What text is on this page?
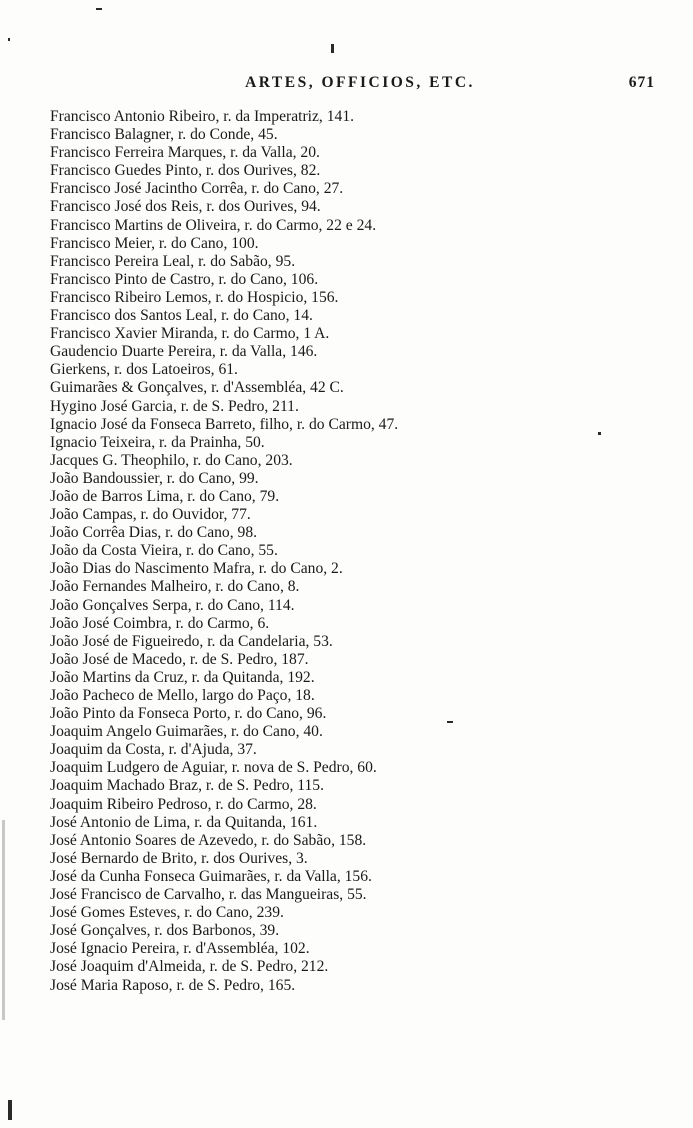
ARTES, OFFICIOS, ETC.	671
Francisco Antonio Ribeiro, r. da Imperatriz, 141.
Francisco Balagner, r. do Conde, 45.
Francisco Ferreira Marques, r. da Valla, 20.
Francisco Guedes Pinto, r. dos Ourives, 82.
Francisco José Jacintho Corrêa, r. do Cano, 27.
Francisco José dos Reis, r. dos Ourives, 94.
Francisco Martins de Oliveira, r. do Carmo, 22 e 24.
Francisco Meier, r. do Cano, 100.
Francisco Pereira Leal, r. do Sabão, 95.
Francisco Pinto de Castro, r. do Cano, 106.
Francisco Ribeiro Lemos, r. do Hospicio, 156.
Francisco dos Santos Leal, r. do Cano, 14.
Francisco Xavier Miranda, r. do Carmo, 1 A.
Gaudencio Duarte Pereira, r. da Valla, 146.
Gierkens, r. dos Latoeiros, 61.
Guimarães & Gonçalves, r. d'Assembléa, 42 C.
Hygino José Garcia, r. de S. Pedro, 211.
Ignacio José da Fonseca Barreto, filho, r. do Carmo, 47.
Ignacio Teixeira, r. da Prainha, 50.
Jacques G. Theophilo, r. do Cano, 203.
João Bandoussier, r. do Cano, 99.
João de Barros Lima, r. do Cano, 79.
João Campas, r. do Ouvidor, 77.
João Corrêa Dias, r. do Cano, 98.
João da Costa Vieira, r. do Cano, 55.
João Dias do Nascimento Mafra, r. do Cano, 2.
João Fernandes Malheiro, r. do Cano, 8.
João Gonçalves Serpa, r. do Cano, 114.
João José Coimbra, r. do Carmo, 6.
João José de Figueiredo, r. da Candelaria, 53.
João José de Macedo, r. de S. Pedro, 187.
João Martins da Cruz, r. da Quitanda, 192.
João Pacheco de Mello, largo do Paço, 18.
João Pinto da Fonseca Porto, r. do Cano, 96.
Joaquim Angelo Guimarães, r. do Cano, 40.
Joaquim da Costa, r. d'Ajuda, 37.
Joaquim Ludgero de Aguiar, r. nova de S. Pedro, 60.
Joaquim Machado Braz, r. de S. Pedro, 115.
Joaquim Ribeiro Pedroso, r. do Carmo, 28.
José Antonio de Lima, r. da Quitanda, 161.
José Antonio Soares de Azevedo, r. do Sabão, 158.
José Bernardo de Brito, r. dos Ourives, 3.
José da Cunha Fonseca Guimarães, r. da Valla, 156.
José Francisco de Carvalho, r. das Mangueiras, 55.
José Gomes Esteves, r. do Cano, 239.
José Gonçalves, r. dos Barbonos, 39.
José Ignacio Pereira, r. d'Assembléa, 102.
José Joaquim d'Almeida, r. de S. Pedro, 212.
José Maria Raposo, r. de S. Pedro, 165.
